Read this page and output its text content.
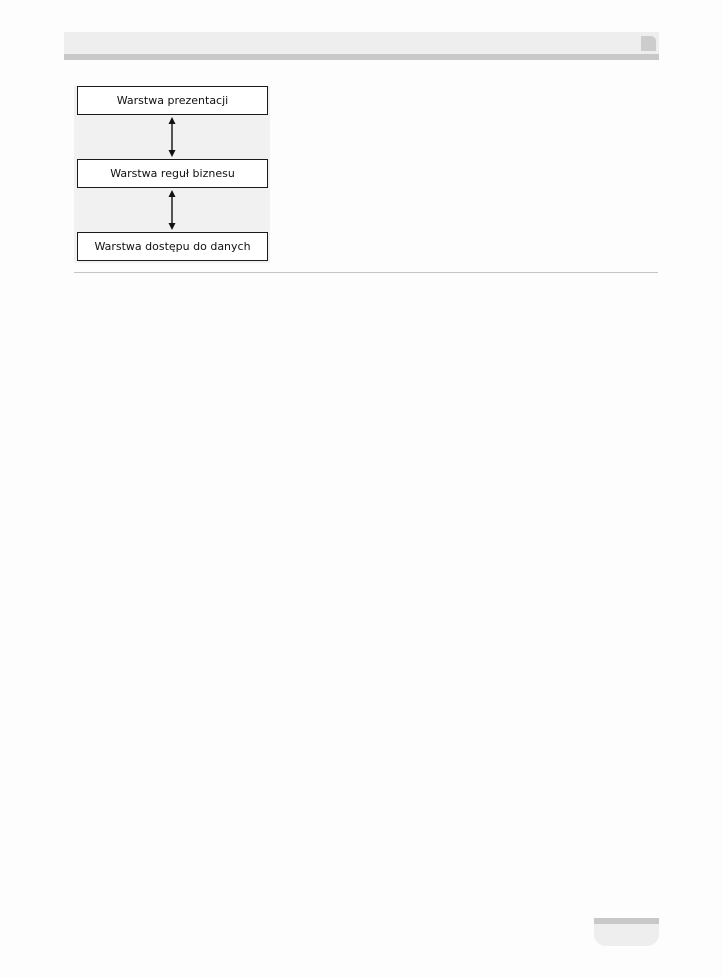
Warstwa prezentacji
Warstwa reguł biznesu
Warstwa dostępu do danych
